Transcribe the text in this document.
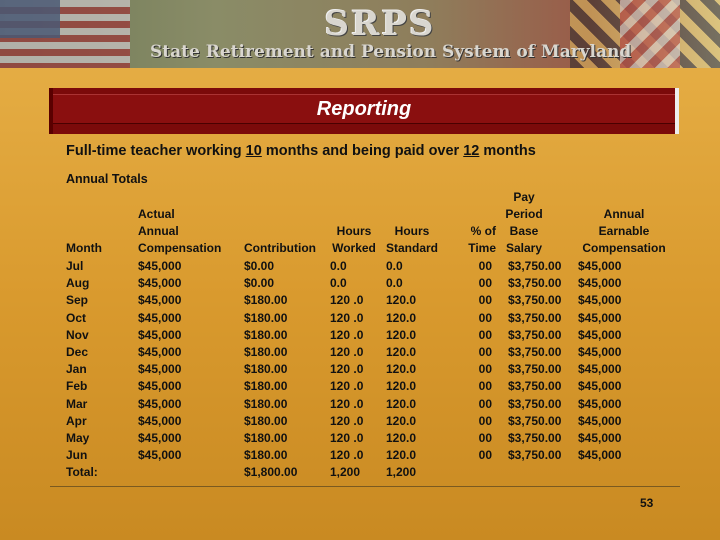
SRPS
State Retirement and Pension System of Maryland
Reporting
Full-time teacher working 10 months and being paid over 12 months
Annual Totals
Month
Actual
Annual
Compensation Contribution
Hours
Worked
Hours
Standard
% of
Time
Pay
Period
Base
Salary
Annual
Earnable
Compensation
Jul
Aug
Sep
Oct
Nov
Dec
Jan
Feb
Mar
Apr
May
Jun
Total:
$45,000
$45,000
$45,000
$45,000
$45,000
$45,000
$45,000
$45,000
$45,000
$45,000
$45,000
$45,000
$0.00
$0.00
$180.00
$180.00
$180.00
$180.00
$180.00
$180.00
$180.00
$180.00
$180.00
$180.00
$1,800.00
0.0
0.0
120 .0
120 .0
120 .0
120 .0
120 .0
120 .0
120 .0
120 .0
120 .0
120 .0
1,200
0.0
0.0
120.0
120.0
120.0
120.0
120.0
120.0
120.0
120.0
120.0
120.0
1,200
00
00
00
00
00
00
00
00
00
00
00
00
$3,750.00
$3,750.00
$3,750.00
$3,750.00
$3,750.00
$3,750.00
$3,750.00
$3,750.00
$3,750.00
$3,750.00
$3,750.00
$3,750.00
$45,000
$45,000
$45,000
$45,000
$45,000
$45,000
$45,000
$45,000
$45,000
$45,000
$45,000
$45,000
53
